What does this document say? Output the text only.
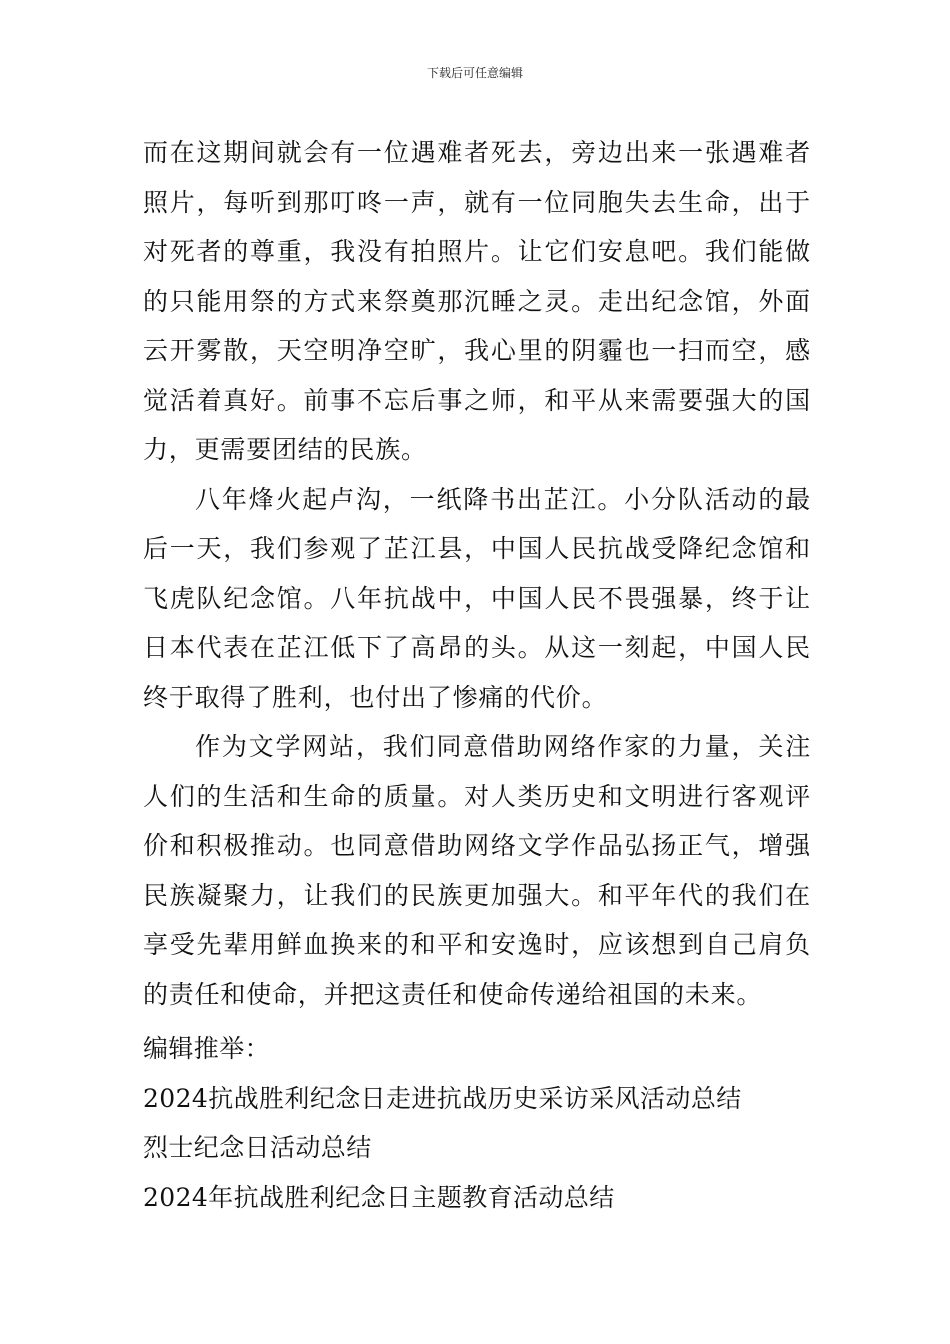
下载后可任意编辑

而在这期间就会有一位遇难者死去，旁边出来一张遇难者照片，每听到那叮咚一声，就有一位同胞失去生命，出于对死者的尊重，我没有拍照片。让它们安息吧。我们能做的只能用祭的方式来祭奠那沉睡之灵。走出纪念馆，外面云开雾散，天空明净空旷，我心里的阴霾也一扫而空，感觉活着真好。前事不忘后事之师，和平从来需要强大的国力，更需要团结的民族。

八年烽火起卢沟，一纸降书出芷江。小分队活动的最后一天，我们参观了芷江县，中国人民抗战受降纪念馆和飞虎队纪念馆。八年抗战中，中国人民不畏强暴，终于让日本代表在芷江低下了高昂的头。从这一刻起，中国人民终于取得了胜利，也付出了惨痛的代价。

作为文学网站，我们同意借助网络作家的力量，关注人们的生活和生命的质量。对人类历史和文明进行客观评价和积极推动。也同意借助网络文学作品弘扬正气，增强民族凝聚力，让我们的民族更加强大。和平年代的我们在享受先辈用鲜血换来的和平和安逸时，应该想到自己肩负的责任和使命，并把这责任和使命传递给祖国的未来。

编辑推举：
2024抗战胜利纪念日走进抗战历史采访采风活动总结
烈士纪念日活动总结
2024年抗战胜利纪念日主题教育活动总结
